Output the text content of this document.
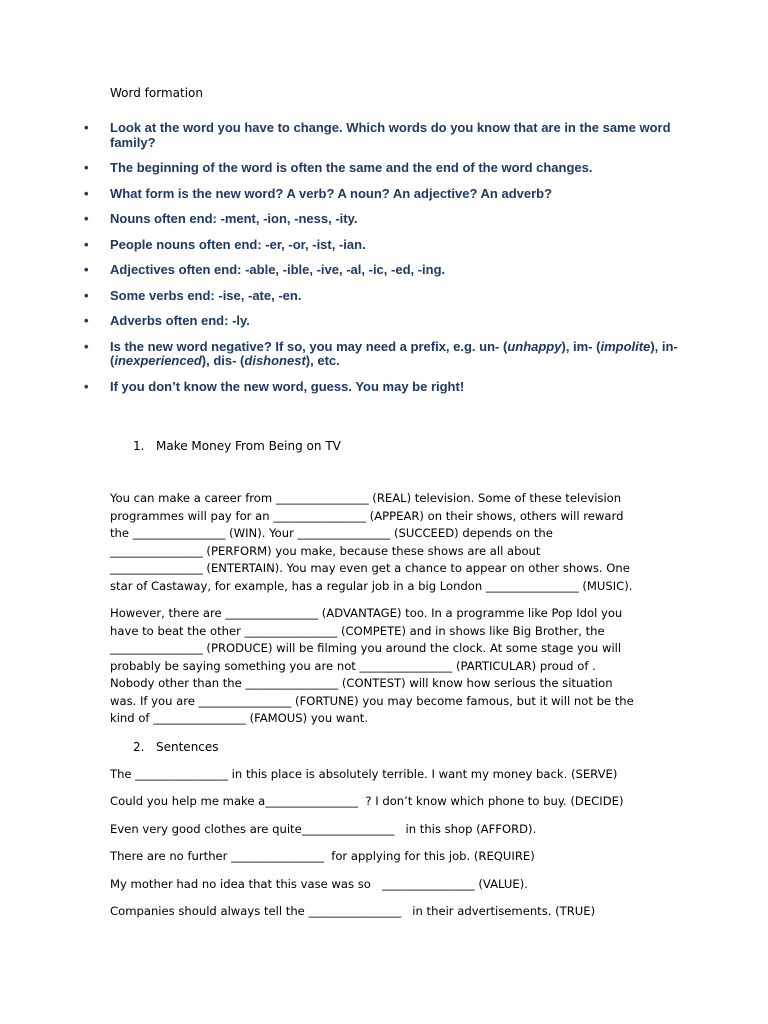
Word formation
• Look at the word you have to change. Which words do you know that are in the same word family?
• The beginning of the word is often the same and the end of the word changes.
• What form is the new word? A verb? A noun? An adjective? An adverb?
• Nouns often end: -ment, -ion, -ness, -ity.
• People nouns often end: -er, -or, -ist, -ian.
• Adjectives often end: -able, -ible, -ive, -al, -ic, -ed, -ing.
• Some verbs end: -ise, -ate, -en.
• Adverbs often end: -ly.
• Is the new word negative? If so, you may need a prefix, e.g. un- (unhappy), im- (impolite), in- (inexperienced), dis- (dishonest), etc.
• If you don’t know the new word, guess. You may be right!
1. Make Money From Being on TV

You can make a career from ________________ (REAL) television. Some of these television
programmes will pay for an ________________ (APPEAR) on their shows, others will reward
the ________________ (WIN). Your ________________ (SUCCEED) depends on the
________________ (PERFORM) you make, because these shows are all about
________________ (ENTERTAIN). You may even get a chance to appear on other shows. One
star of Castaway, for example, has a regular job in a big London ________________ (MUSIC).

However, there are ________________ (ADVANTAGE) too. In a programme like Pop Idol you
have to beat the other ________________ (COMPETE) and in shows like Big Brother, the
________________ (PRODUCE) will be filming you around the clock. At some stage you will
probably be saying something you are not ________________ (PARTICULAR) proud of .
Nobody other than the ________________ (CONTEST) will know how serious the situation
was. If you are ________________ (FORTUNE) you may become famous, but it will not be the
kind of ________________ (FAMOUS) you want.

2. Sentences
The ________________ in this place is absolutely terrible. I want my money back. (SERVE)
Could you help me make a________________  ? I don’t know which phone to buy. (DECIDE)
Even very good clothes are quite________________   in this shop (AFFORD).
There are no further ________________  for applying for this job. (REQUIRE)
My mother had no idea that this vase was so   ________________ (VALUE).
Companies should always tell the ________________   in their advertisements. (TRUE)
